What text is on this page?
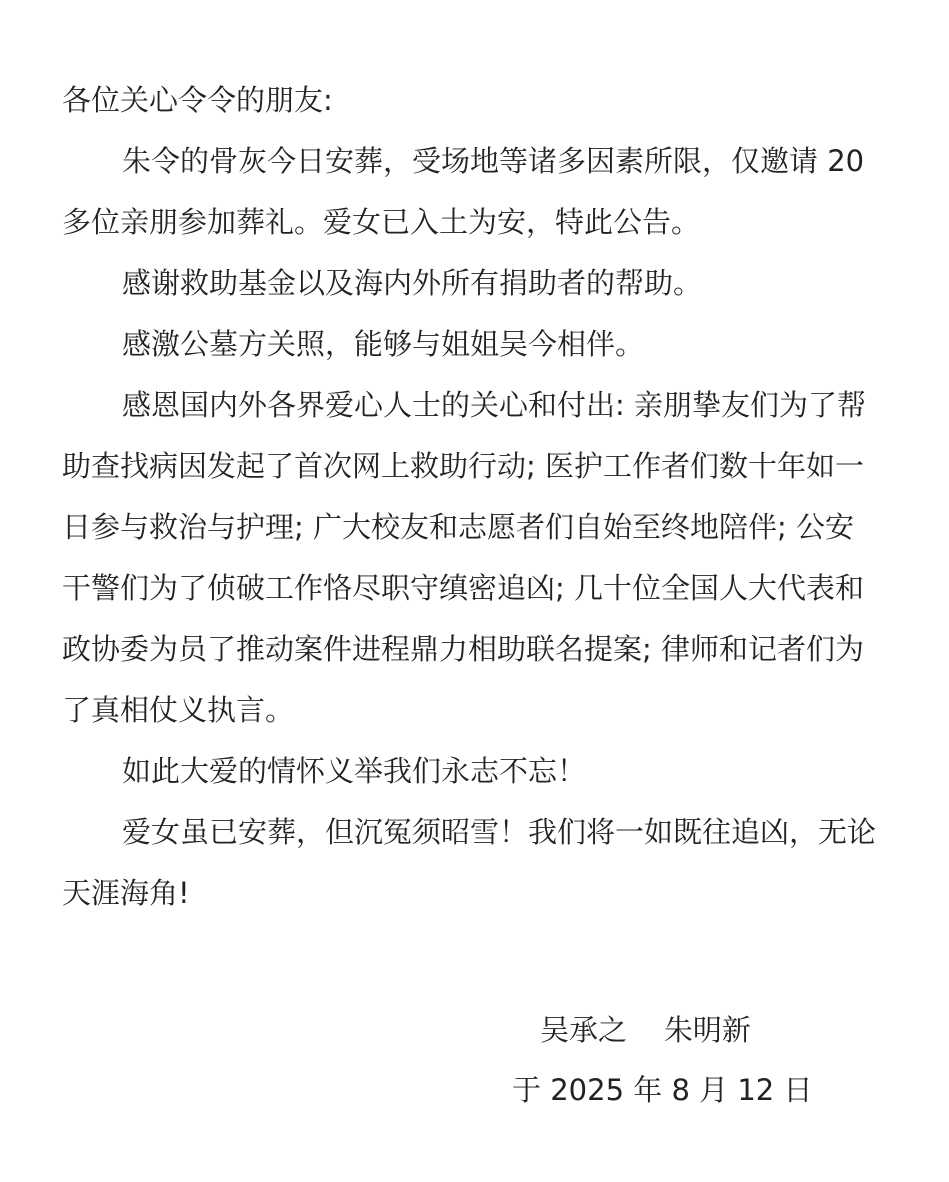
各位关心令令的朋友:
朱令的骨灰今日安葬，受场地等诸多因素所限，仅邀请 20
多位亲朋参加葬礼。爱女已入土为安，特此公告。
感谢救助基金以及海内外所有捐助者的帮助。
感激公墓方关照，能够与姐姐吴今相伴。
感恩国内外各界爱心人士的关心和付出: 亲朋挚友们为了帮
助查找病因发起了首次网上救助行动; 医护工作者们数十年如一
日参与救治与护理; 广大校友和志愿者们自始至终地陪伴; 公安
干警们为了侦破工作恪尽职守缜密追凶; 几十位全国人大代表和
政协委为员了推动案件进程鼎力相助联名提案; 律师和记者们为
了真相仗义执言。
如此大爱的情怀义举我们永志不忘！
爱女虽已安葬，但沉冤须昭雪！我们将一如既往追凶，无论
天涯海角!
吴承之    朱明新
于 2025 年 8 月 12 日
